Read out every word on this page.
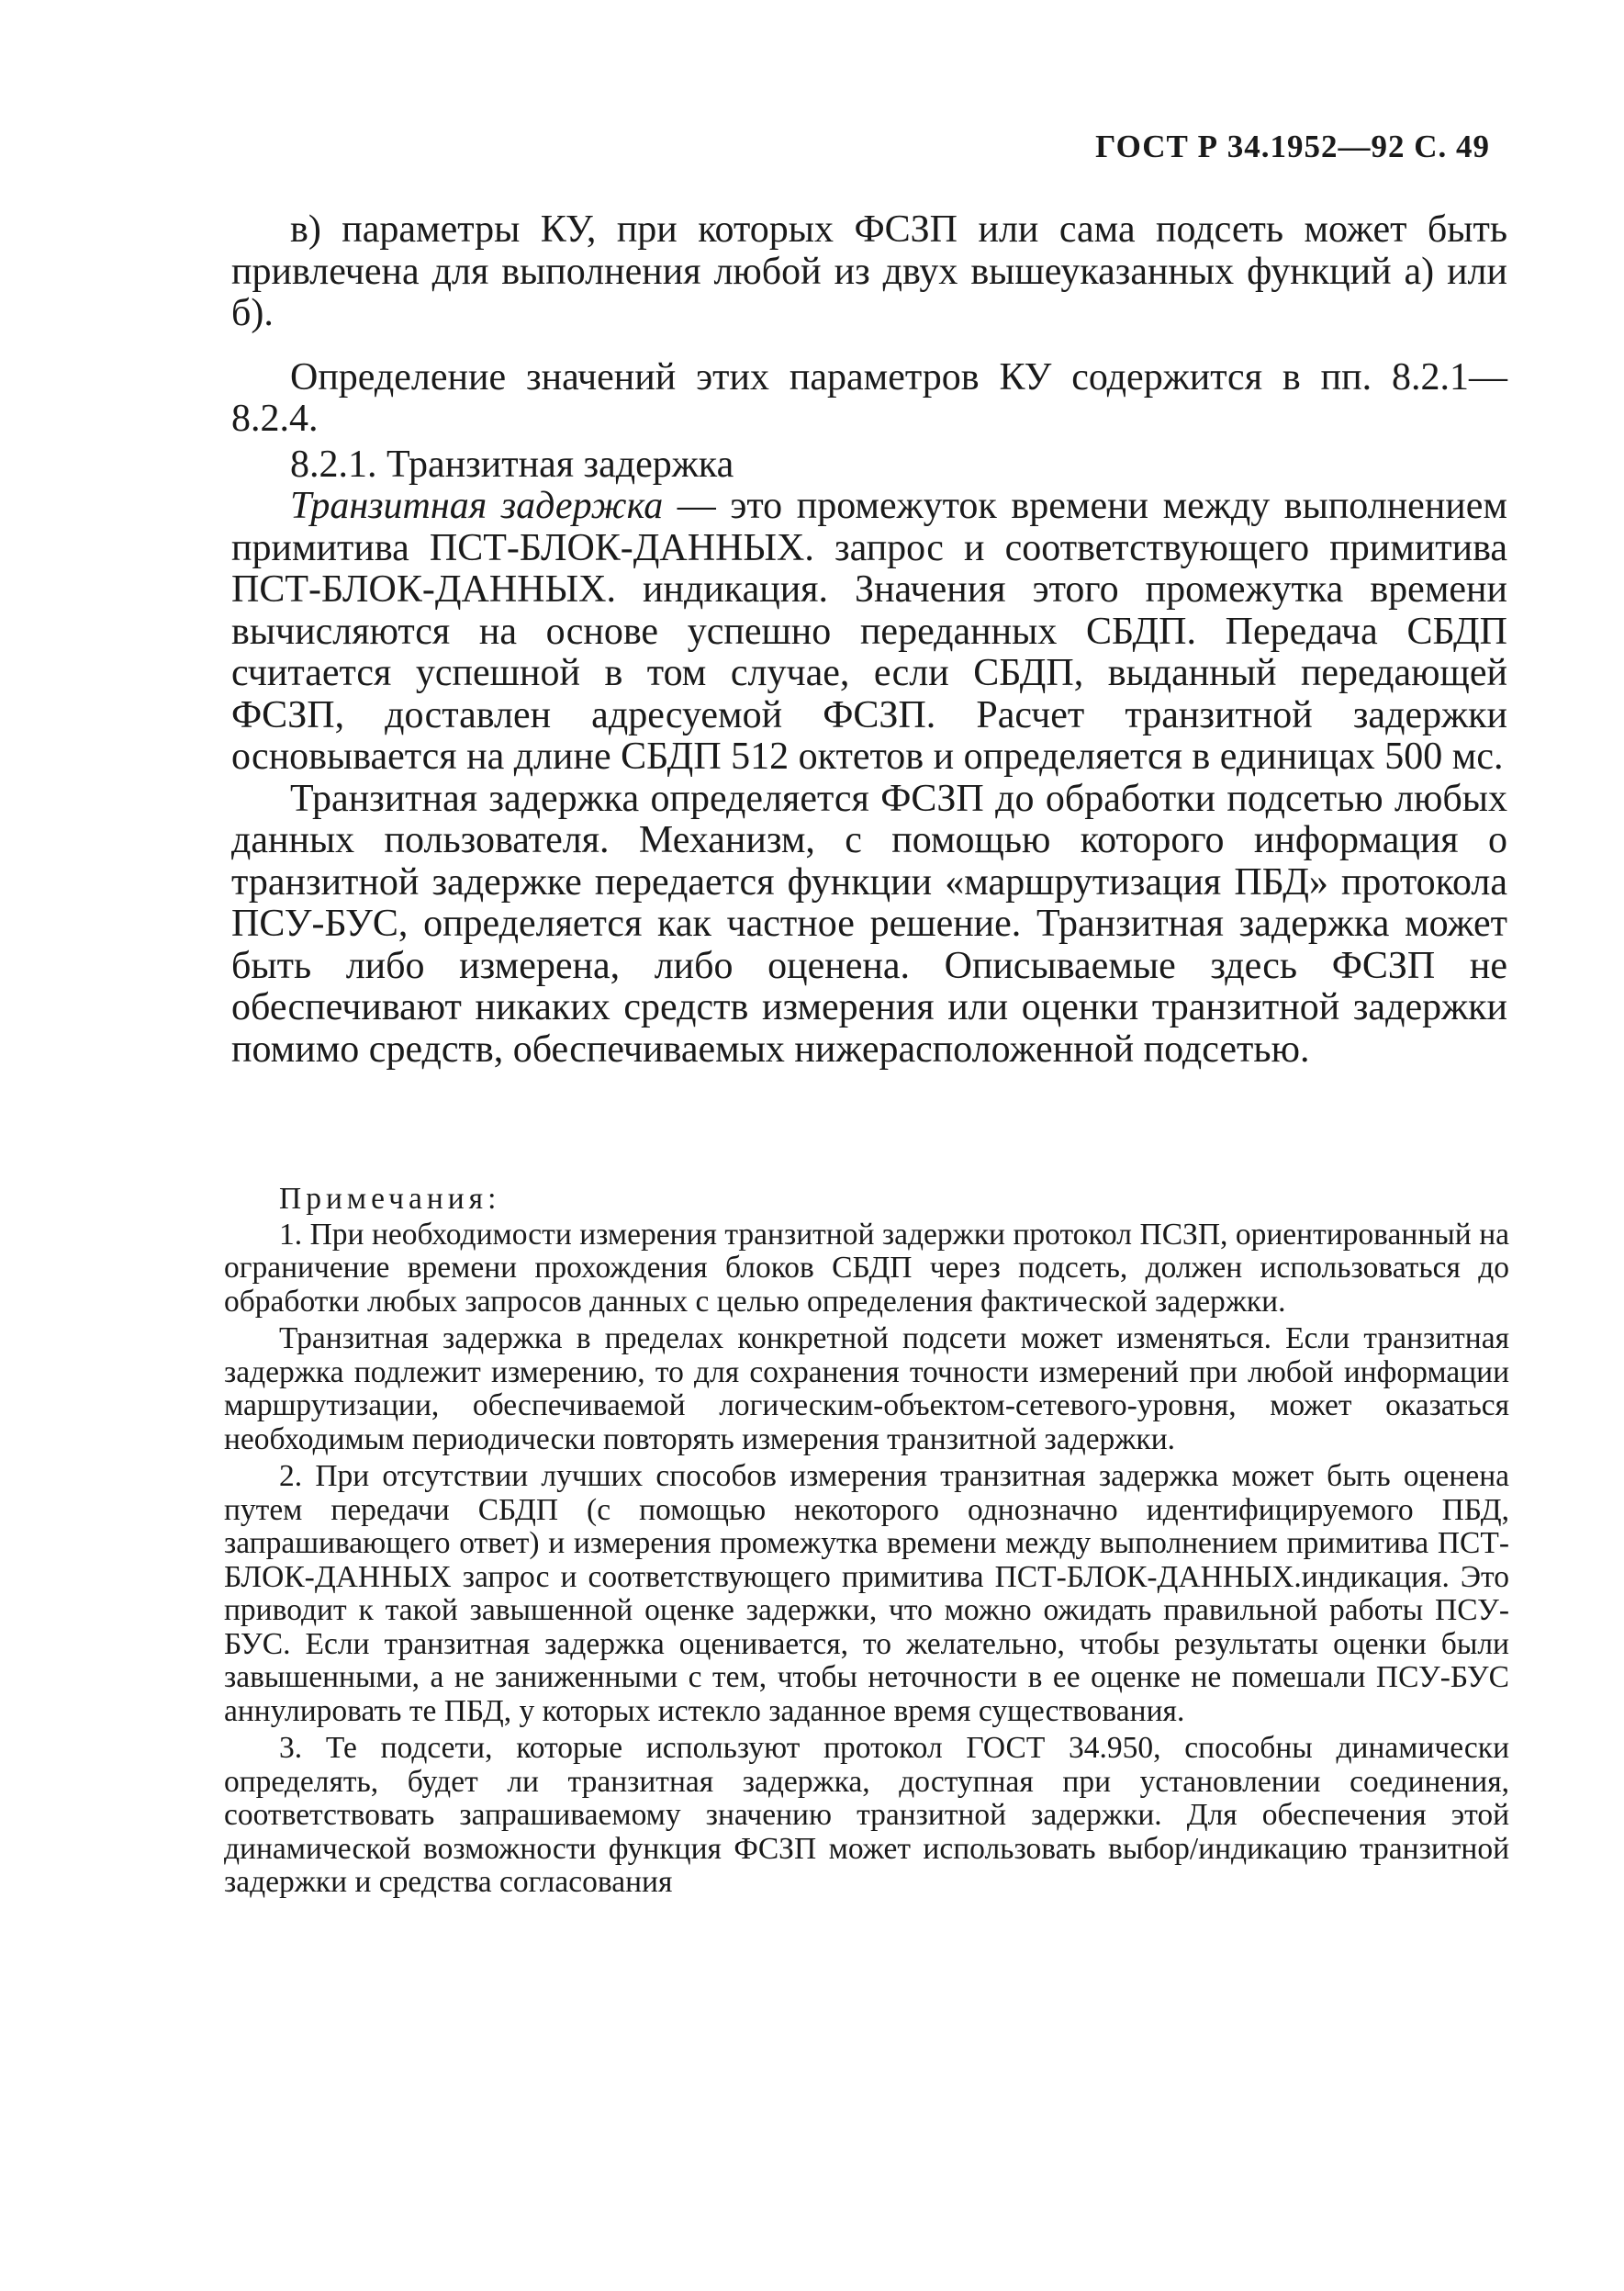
ГОСТ Р 34.1952—92 С. 49

в) параметры КУ, при которых ФСЗП или сама подсеть может быть привлечена для выполнения любой из двух вышеуказанных функций а) или б).

Определение значений этих параметров КУ содержится в пп. 8.2.1—8.2.4.

8.2.1. Транзитная задержка

Транзитная задержка — это промежуток времени между выполнением примитива ПСТ-БЛОК-ДАННЫХ. запрос и соответствующего примитива ПСТ-БЛОК-ДАННЫХ. индикация. Значения этого промежутка времени вычисляются на основе успешно переданных СБДП. Передача СБДП считается успешной в том случае, если СБДП, выданный передающей ФСЗП, доставлен адресуемой ФСЗП. Расчет транзитной задержки основывается на длине СБДП 512 октетов и определяется в единицах 500 мс.

Транзитная задержка определяется ФСЗП до обработки подсетью любых данных пользователя. Механизм, с помощью которого информация о транзитной задержке передается функции «маршрутизация ПБД» протокола ПСУ-БУС, определяется как частное решение. Транзитная задержка может быть либо измерена, либо оценена. Описываемые здесь ФСЗП не обеспечивают никаких средств измерения или оценки транзитной задержки помимо средств, обеспечиваемых нижерасположенной подсетью.

Примечания:

1. При необходимости измерения транзитной задержки протокол ПСЗП, ориентированный на ограничение времени прохождения блоков СБДП через подсеть, должен использоваться до обработки любых запросов данных с целью определения фактической задержки.

Транзитная задержка в пределах конкретной подсети может изменяться. Если транзитная задержка подлежит измерению, то для сохранения точности измерений при любой информации маршрутизации, обеспечиваемой логическим-объектом-сетевого-уровня, может оказаться необходимым периодически повторять измерения транзитной задержки.

2. При отсутствии лучших способов измерения транзитная задержка может быть оценена путем передачи СБДП (с помощью некоторого однозначно идентифицируемого ПБД, запрашивающего ответ) и измерения промежутка времени между выполнением примитива ПСТ-БЛОК-ДАННЫХ запрос и соответствующего примитива ПСТ-БЛОК-ДАННЫХ.индикация. Это приводит к такой завышенной оценке задержки, что можно ожидать правильной работы ПСУ-БУС. Если транзитная задержка оценивается, то желательно, чтобы результаты оценки были завышенными, а не заниженными с тем, чтобы неточности в ее оценке не помешали ПСУ-БУС аннулировать те ПБД, у которых истекло заданное время существования.

3. Те подсети, которые используют протокол ГОСТ 34.950, способны динамически определять, будет ли транзитная задержка, доступная при установлении соединения, соответствовать запрашиваемому значению транзитной задержки. Для обеспечения этой динамической возможности функция ФСЗП может использовать выбор/индикацию транзитной задержки и средства согласования
